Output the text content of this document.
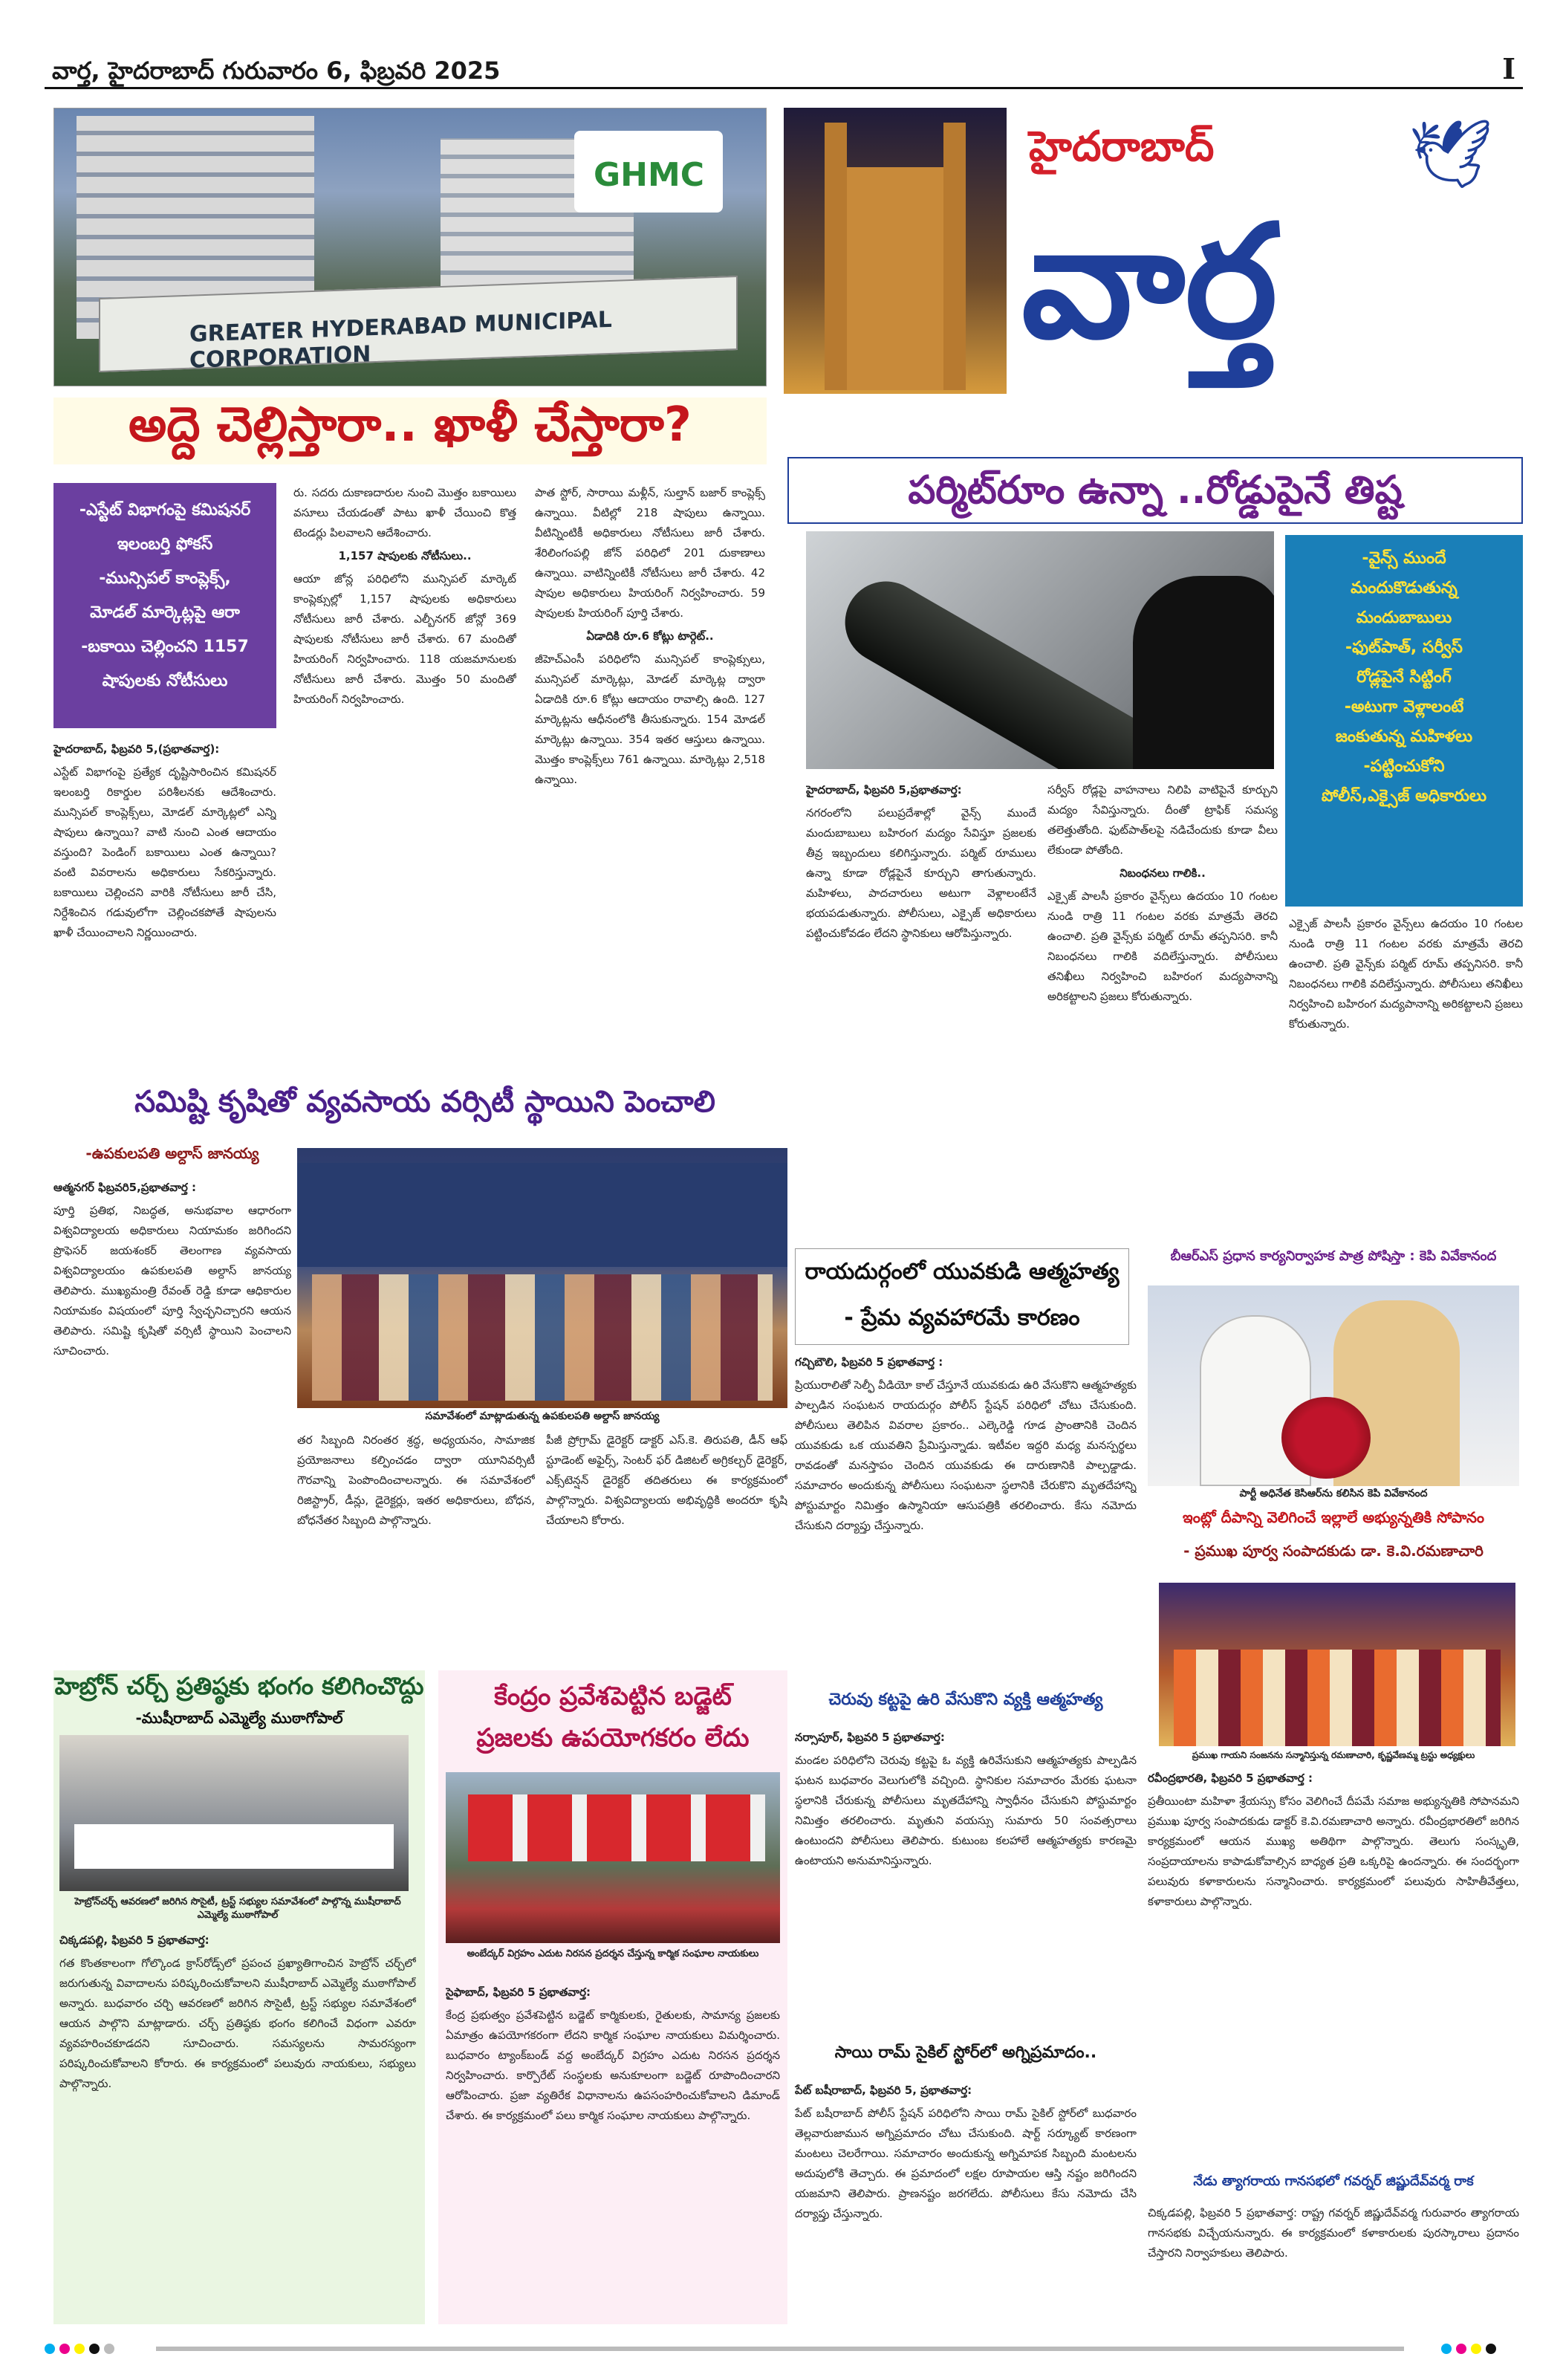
వార్త, హైదరాబాద్ గురువారం 6, ఫిబ్రవరి 2025	I
GHMC
GREATER HYDERABAD MUNICIPAL CORPORATION
హైదరాబాద్
వార్త
🕊
అద్దె చెల్లిస్తారా.. ఖాళీ చేస్తారా?

-ఎస్టేట్ విభాగంపై కమిషనర్

ఇలంబర్తి ఫోకస్

-మున్సిపల్ కాంప్లెక్స్,

మోడల్ మార్కెట్లపై ఆరా

-బకాయి చెల్లించని 1157

షాపులకు నోటీసులు

హైదరాబాద్, ఫిబ్రవరి 5,(ప్రభాతవార్త):

ఎస్టేట్ విభాగంపై ప్రత్యేక దృష్టిసారించిన కమిషనర్ ఇలంబర్తి రికార్డుల పరిశీలనకు ఆదేశించారు. మున్సిపల్ కాంప్లెక్స్‌లు, మోడల్ మార్కెట్లలో ఎన్ని షాపులు ఉన్నాయి? వాటి నుంచి ఎంత ఆదాయం వస్తుంది? పెండింగ్ బకాయిలు ఎంత ఉన్నాయి? వంటి వివరాలను అధికారులు సేకరిస్తున్నారు. బకాయిలు చెల్లించని వారికి నోటీసులు జారీ చేసి, నిర్దేశించిన గడువులోగా చెల్లించకపోతే షాపులను ఖాళీ చేయించాలని నిర్ణయించారు.

రు. సదరు దుకాణదారుల నుంచి మొత్తం బకాయిలు వసూలు చేయడంతో పాటు ఖాళీ చేయించి కొత్త టెండర్లు పిలవాలని ఆదేశించారు.

1,157 షాపులకు నోటీసులు..

ఆయా జోన్ల పరిధిలోని మున్సిపల్ మార్కెట్ కాంప్లెక్సుల్లో 1,157 షాపులకు అధికారులు నోటీసులు జారీ చేశారు. ఎల్బీనగర్ జోన్లో 369 షాపులకు నోటీసులు జారీ చేశారు. 67 మందితో హియరింగ్ నిర్వహించారు. 118 యజమానులకు నోటీసులు జారీ చేశారు. మొత్తం 50 మందితో హియరింగ్ నిర్వహించారు.

పాత స్టోర్, సారాయి మళ్లీన్, సుల్తాన్ బజార్ కాంప్లెక్స్ ఉన్నాయి. వీటిల్లో 218 షాపులు ఉన్నాయి. వీటిన్నింటికీ అధికారులు నోటీసులు జారీ చేశారు. శేరిలింగంపల్లి జోన్ పరిధిలో 201 దుకాణాలు ఉన్నాయి. వాటిన్నింటికీ నోటీసులు జారీ చేశారు. 42 షాపుల అధికారులు హియరింగ్ నిర్వహించారు. 59 షాపులకు హియరింగ్ పూర్తి చేశారు.

ఏడాదికి రూ.6 కోట్లు టార్గెట్..

జీహెచ్ఎంసీ పరిధిలోని మున్సిపల్ కాంప్లెక్సులు, మున్సిపల్ మార్కెట్లు, మోడల్ మార్కెట్ల ద్వారా ఏడాదికి రూ.6 కోట్లు ఆదాయం రావాల్సి ఉంది. 127 మార్కెట్లను ఆధీనంలోకి తీసుకున్నారు. 154 మోడల్ మార్కెట్లు ఉన్నాయి. 354 ఇతర ఆస్తులు ఉన్నాయి. మొత్తం కాంప్లెక్స్‌లు 761 ఉన్నాయి. మార్కెట్లు 2,518 ఉన్నాయి.

పర్మిట్‌రూం ఉన్నా ..రోడ్డుపైనే తిష్ట

-వైన్స్ ముందే

మందుకొడుతున్న

మందుబాబులు

-ఫుట్‌పాత్, సర్వీస్

రోడ్లపైనే సిట్టింగ్

-అటుగా వెళ్లాలంటే

జంకుతున్న మహిళలు

-పట్టించుకోని

పోలీస్,ఎక్సైజ్ అధికారులు

హైదరాబాద్, ఫిబ్రవరి 5,ప్రభాతవార్త:

నగరంలోని పలుప్రదేశాల్లో వైన్స్ ముందే మందుబాబులు బహిరంగ మద్యం సేవిస్తూ ప్రజలకు తీవ్ర ఇబ్బందులు కలిగిస్తున్నారు. పర్మిట్ రూములు ఉన్నా కూడా రోడ్లపైనే కూర్చుని తాగుతున్నారు. మహిళలు, పాదచారులు అటుగా వెళ్లాలంటేనే భయపడుతున్నారు. పోలీసులు, ఎక్సైజ్ అధికారులు పట్టించుకోవడం లేదని స్థానికులు ఆరోపిస్తున్నారు.

సర్వీస్ రోడ్లపై వాహనాలు నిలిపి వాటిపైనే కూర్చుని మద్యం సేవిస్తున్నారు. దీంతో ట్రాఫిక్ సమస్య తలెత్తుతోంది. ఫుట్‌పాత్‌లపై నడిచేందుకు కూడా వీలు లేకుండా పోతోంది.

నిబంధనలు గాలికి..

ఎక్సైజ్ పాలసీ ప్రకారం వైన్స్‌లు ఉదయం 10 గంటల నుండి రాత్రి 11 గంటల వరకు మాత్రమే తెరచి ఉంచాలి. ప్రతి వైన్స్‌కు పర్మిట్ రూమ్ తప్పనిసరి. కానీ నిబంధనలు గాలికి వదిలేస్తున్నారు. పోలీసులు తనిఖీలు నిర్వహించి బహిరంగ మద్యపానాన్ని అరికట్టాలని ప్రజలు కోరుతున్నారు.

ఎక్సైజ్ పాలసీ ప్రకారం వైన్స్‌లు ఉదయం 10 గంటల నుండి రాత్రి 11 గంటల వరకు మాత్రమే తెరచి ఉంచాలి. ప్రతి వైన్స్‌కు పర్మిట్ రూమ్ తప్పనిసరి. కానీ నిబంధనలు గాలికి వదిలేస్తున్నారు. పోలీసులు తనిఖీలు నిర్వహించి బహిరంగ మద్యపానాన్ని అరికట్టాలని ప్రజలు కోరుతున్నారు.

సమిష్టి కృషితో వ్యవసాయ వర్సిటీ స్థాయిని పెంచాలి
-ఉపకులపతి అల్దాస్ జానయ్య

ఆత్మనగర్ ఫిబ్రవరి5,ప్రభాతవార్త :

పూర్తి ప్రతిభ, నిబద్ధత, అనుభవాల ఆధారంగా విశ్వవిద్యాలయ అధికారులు నియామకం జరిగిందని ప్రొఫెసర్ జయశంకర్ తెలంగాణ వ్యవసాయ విశ్వవిద్యాలయం ఉపకులపతి అల్దాస్ జానయ్య తెలిపారు. ముఖ్యమంత్రి రేవంత్ రెడ్డి కూడా ఆధికారుల నియామకం విషయంలో పూర్తి స్వేచ్ఛనిచ్చారని ఆయన తెలిపారు. సమిష్టి కృషితో వర్సిటీ స్థాయిని పెంచాలని సూచించారు.

సమావేశంలో మాట్లాడుతున్న ఉపకులపతి అల్దాస్ జానయ్య

తర సిబ్బంది నిరంతర శ్రద్ధ, అధ్యయనం, సామాజిక ప్రయోజనాలు కల్పించడం ద్వారా యూనివర్సిటీ గౌరవాన్ని పెంపొందించాలన్నారు. ఈ సమావేశంలో రిజిస్ట్రార్, డీన్లు, డైరెక్టర్లు, ఇతర అధికారులు, బోధన, బోధనేతర సిబ్బంది పాల్గొన్నారు.

పీజీ ప్రోగ్రామ్ డైరెక్టర్ డాక్టర్ ఎస్.కె. తిరుపతి, డీన్ ఆఫ్ స్టూడెంట్ అఫైర్స్, సెంటర్ ఫర్ డిజిటల్ అగ్రికల్చర్ డైరెక్టర్, ఎక్స్‌టెన్షన్ డైరెక్టర్ తదితరులు ఈ కార్యక్రమంలో పాల్గొన్నారు. విశ్వవిద్యాలయ అభివృద్ధికి అందరూ కృషి చేయాలని కోరారు.

రాయదుర్గంలో యువకుడి ఆత్మహత్య
- ప్రేమ వ్యవహారమే కారణం

గచ్చిబౌలి, ఫిబ్రవరి 5 ప్రభాతవార్త :

ప్రియురాలితో సెల్ఫీ వీడియో కాల్ చేస్తూనే యువకుడు ఉరి వేసుకొని ఆత్మహత్యకు పాల్పడిన సంఘటన రాయదుర్గం పోలీస్ స్టేషన్ పరిధిలో చోటు చేసుకుంది. పోలీసులు తెలిపిన వివరాల ప్రకారం.. ఎల్కెరెడ్డి గూడ ప్రాంతానికి చెందిన యువకుడు ఒక యువతిని ప్రేమిస్తున్నాడు. ఇటీవల ఇద్దరి మధ్య మనస్పర్థలు రావడంతో మనస్తాపం చెందిన యువకుడు ఈ దారుణానికి పాల్పడ్డాడు. సమాచారం అందుకున్న పోలీసులు సంఘటనా స్థలానికి చేరుకొని మృతదేహాన్ని పోస్టుమార్టం నిమిత్తం ఉస్మానియా ఆసుపత్రికి తరలించారు. కేసు నమోదు చేసుకుని దర్యాప్తు చేస్తున్నారు.

చెరువు కట్టపై ఉరి వేసుకొని వ్యక్తి ఆత్మహత్య

నర్సాపూర్, ఫిబ్రవరి 5 ప్రభాతవార్త:

మండల పరిధిలోని చెరువు కట్టపై ఓ వ్యక్తి ఉరివేసుకుని ఆత్మహత్యకు పాల్పడిన ఘటన బుధవారం వెలుగులోకి వచ్చింది. స్థానికుల సమాచారం మేరకు ఘటనా స్థలానికి చేరుకున్న పోలీసులు మృతదేహాన్ని స్వాధీనం చేసుకుని పోస్టుమార్టం నిమిత్తం తరలించారు. మృతుని వయస్సు సుమారు 50 సంవత్సరాలు ఉంటుందని పోలీసులు తెలిపారు. కుటుంబ కలహాలే ఆత్మహత్యకు కారణమై ఉంటాయని అనుమానిస్తున్నారు.

సాయి రామ్ సైకిల్ స్టోర్‌లో అగ్నిప్రమాదం..

పేట్ బషీరాబాద్, ఫిబ్రవరి 5, ప్రభాతవార్త:

పేట్ బషీరాబాద్ పోలీస్ స్టేషన్ పరిధిలోని సాయి రామ్ సైకిల్ స్టోర్‌లో బుధవారం తెల్లవారుజామున అగ్నిప్రమాదం చోటు చేసుకుంది. షార్ట్ సర్క్యూట్ కారణంగా మంటలు చెలరేగాయి. సమాచారం అందుకున్న అగ్నిమాపక సిబ్బంది మంటలను అదుపులోకి తెచ్చారు. ఈ ప్రమాదంలో లక్షల రూపాయల ఆస్తి నష్టం జరిగిందని యజమాని తెలిపారు. ప్రాణనష్టం జరగలేదు. పోలీసులు కేసు నమోదు చేసి దర్యాప్తు చేస్తున్నారు.

బీఆర్ఎస్ ప్రధాన కార్యనిర్వాహక పాత్ర పోషిస్తా : కెపి వివేకానంద
పార్టీ అధినేత కెసిఆర్‌ను కలిసిన కెపి వివేకానంద
ఇంట్లో దీపాన్ని వెలిగించే ఇల్లాలే అభ్యున్నతికి సోపానం
- ప్రముఖ పూర్వ సంపాదకుడు డా. కె.వి.రమణాచారి
ప్రముఖ గాయని సంజనను సన్మానిస్తున్న రమణాచారి, కృష్ణవేణమ్మ ట్రస్టు అధ్యక్షులు

రవీంద్రభారతి, ఫిబ్రవరి 5 ప్రభాతవార్త :

ప్రతీయింటా మహిళా శ్రేయస్సు కోసం వెలిగించే దీపమే సమాజ అభ్యున్నతికి సోపానమని ప్రముఖ పూర్వ సంపాదకుడు డాక్టర్ కె.వి.రమణాచారి అన్నారు. రవీంద్రభారతిలో జరిగిన కార్యక్రమంలో ఆయన ముఖ్య అతిథిగా పాల్గొన్నారు. తెలుగు సంస్కృతి, సంప్రదాయాలను కాపాడుకోవాల్సిన బాధ్యత ప్రతి ఒక్కరిపై ఉందన్నారు. ఈ సందర్భంగా పలువురు కళాకారులను సన్మానించారు. కార్యక్రమంలో పలువురు సాహితీవేత్తలు, కళాకారులు పాల్గొన్నారు.

నేడు త్యాగరాయ గానసభలో గవర్నర్ జిష్ణుదేవ్‌వర్మ రాక

చిక్కడపల్లి, ఫిబ్రవరి 5 ప్రభాతవార్త: రాష్ట్ర గవర్నర్ జిష్ణుదేవ్‌వర్మ గురువారం త్యాగరాయ గానసభకు విచ్చేయనున్నారు. ఈ కార్యక్రమంలో కళాకారులకు పురస్కారాలు ప్రదానం చేస్తారని నిర్వాహకులు తెలిపారు.

హెబ్రోన్ చర్చ్ ప్రతిష్ఠకు భంగం కలిగించొద్దు
-ముషీరాబాద్ ఎమ్మెల్యే ముఠాగోపాల్
హెబ్రోన్‌చర్చ్ ఆవరణలో జరిగిన సొసైటీ, ట్రస్ట్ సభ్యుల సమావేశంలో పాల్గొన్న ముషీరాబాద్ ఎమ్మెల్యే ముఠాగోపాల్

చిక్కడపల్లి, ఫిబ్రవరి 5 ప్రభాతవార్త:

గత కొంతకాలంగా గోల్కొండ క్రాస్‌రోడ్స్‌లో ప్రపంచ ప్రఖ్యాతిగాంచిన హెబ్రోన్ చర్చ్‌లో జరుగుతున్న వివాదాలను పరిష్కరించుకోవాలని ముషీరాబాద్ ఎమ్మెల్యే ముఠాగోపాల్ అన్నారు. బుధవారం చర్చి ఆవరణలో జరిగిన సొసైటీ, ట్రస్ట్ సభ్యుల సమావేశంలో ఆయన పాల్గొని మాట్లాడారు. చర్చ్ ప్రతిష్ఠకు భంగం కలిగించే విధంగా ఎవరూ వ్యవహరించకూడదని సూచించారు. సమస్యలను సామరస్యంగా పరిష్కరించుకోవాలని కోరారు. ఈ కార్యక్రమంలో పలువురు నాయకులు, సభ్యులు పాల్గొన్నారు.

కేంద్రం ప్రవేశపెట్టిన బడ్జెట్
ప్రజలకు ఉపయోగకరం లేదు
అంబేద్కర్ విగ్రహం ఎదుట నిరసన ప్రదర్శన చేస్తున్న కార్మిక సంఘాల నాయకులు

సైఫాబాద్, ఫిబ్రవరి 5 ప్రభాతవార్త:

కేంద్ర ప్రభుత్వం ప్రవేశపెట్టిన బడ్జెట్ కార్మికులకు, రైతులకు, సామాన్య ప్రజలకు ఏమాత్రం ఉపయోగకరంగా లేదని కార్మిక సంఘాల నాయకులు విమర్శించారు. బుధవారం ట్యాంక్‌బండ్ వద్ద అంబేద్కర్ విగ్రహం ఎదుట నిరసన ప్రదర్శన నిర్వహించారు. కార్పొరేట్ సంస్థలకు అనుకూలంగా బడ్జెట్ రూపొందించారని ఆరోపించారు. ప్రజా వ్యతిరేక విధానాలను ఉపసంహరించుకోవాలని డిమాండ్ చేశారు. ఈ కార్యక్రమంలో పలు కార్మిక సంఘాల నాయకులు పాల్గొన్నారు.
